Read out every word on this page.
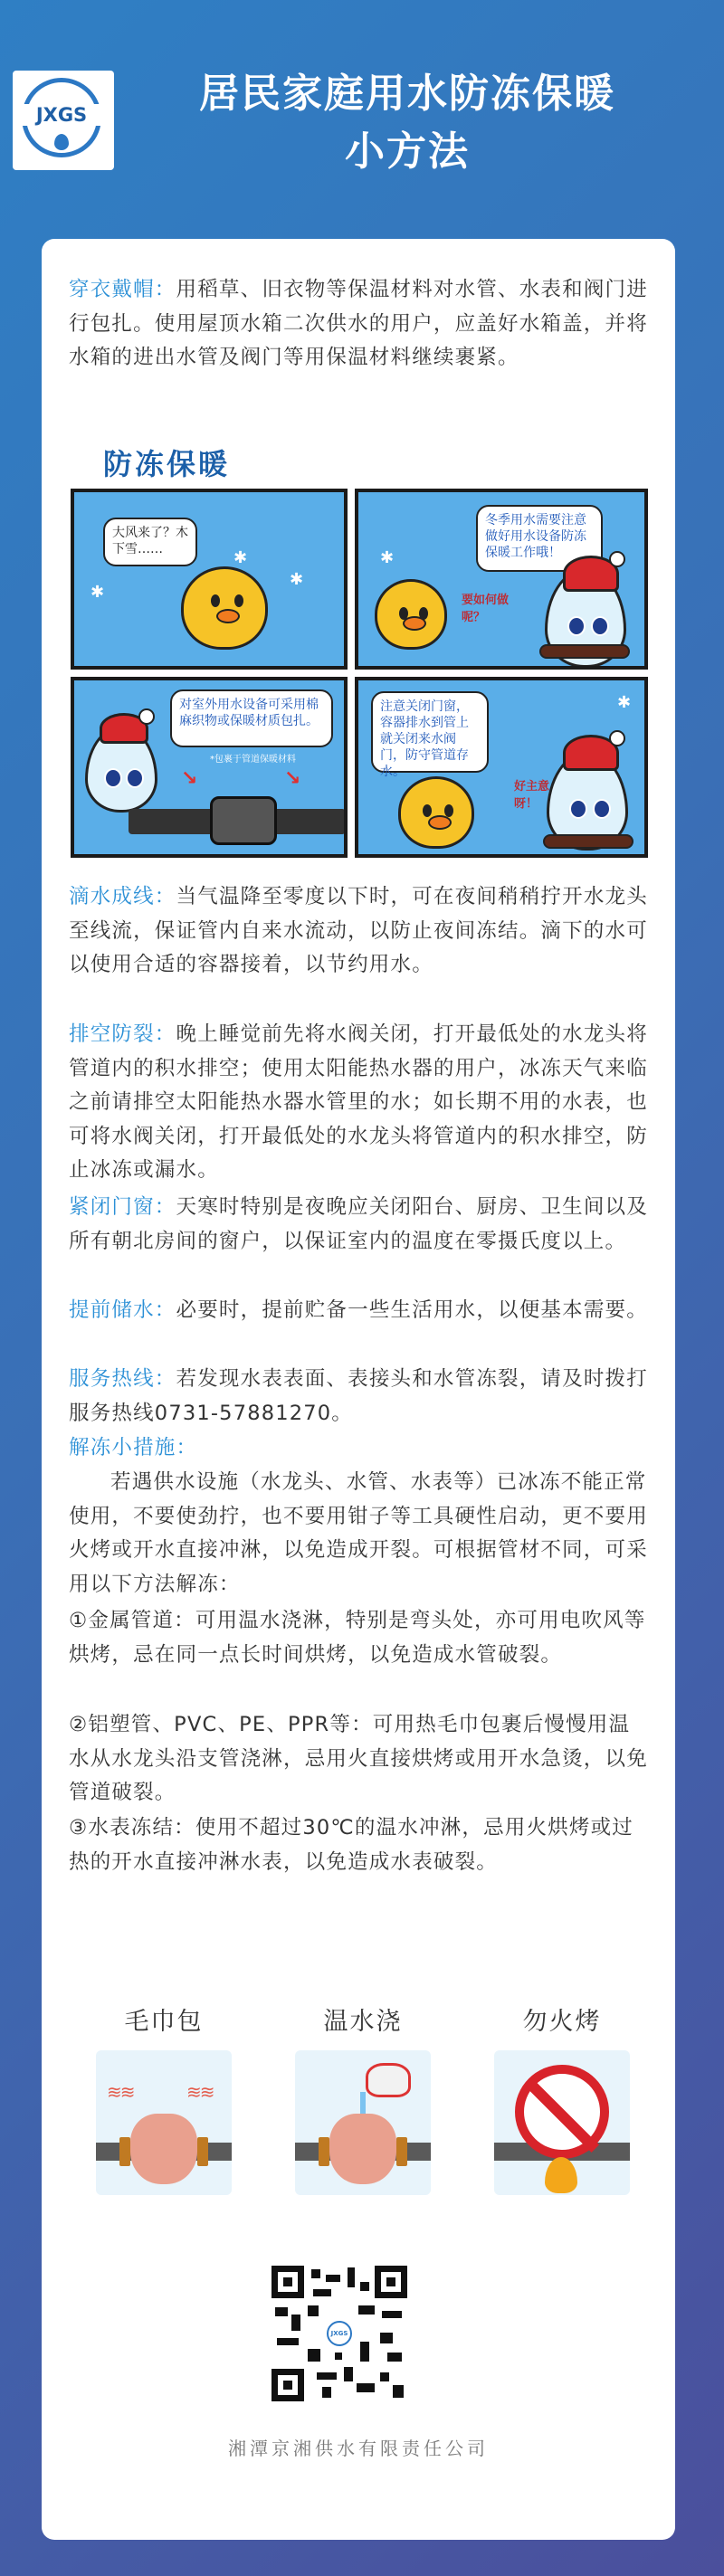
JXGS	居民家庭用水防冻保暖
小方法
穿衣戴帽：用稻草、旧衣物等保温材料对水管、水表和阀门进行包扎。使用屋顶水箱二次供水的用户，应盖好水箱盖，并将水箱的进出水管及阀门等用保温材料继续裹紧。
防冻保暖
大风来了？木下雪……
✱
✱
✱
冬季用水需要注意做好用水设备防冻保暖工作哦！
要如何做呢？
✱
对室外用水设备可采用棉麻织物或保暖材质包扎。
*包裹于管道保暖材料
↘	↘
注意关闭门窗，容器排水到管上就关闭来水阀门，防守管道存水。
好主意呀！
✱
滴水成线：当气温降至零度以下时，可在夜间稍稍拧开水龙头至线流，保证管内自来水流动，以防止夜间冻结。滴下的水可以使用合适的容器接着，以节约用水。
排空防裂：晚上睡觉前先将水阀关闭，打开最低处的水龙头将管道内的积水排空；使用太阳能热水器的用户，冰冻天气来临之前请排空太阳能热水器水管里的水；如长期不用的水表，也可将水阀关闭，打开最低处的水龙头将管道内的积水排空，防止冰冻或漏水。
紧闭门窗：天寒时特别是夜晚应关闭阳台、厨房、卫生间以及所有朝北房间的窗户，以保证室内的温度在零摄氏度以上。
提前储水：必要时，提前贮备一些生活用水，以便基本需要。
服务热线：若发现水表表面、表接头和水管冻裂，请及时拨打服务热线0731-57881270。
解冻小措施：
若遇供水设施（水龙头、水管、水表等）已冰冻不能正常使用，不要使劲拧，也不要用钳子等工具硬性启动，更不要用火烤或开水直接冲淋，以免造成开裂。可根据管材不同，可采用以下方法解冻：
①金属管道：可用温水浇淋，特别是弯头处，亦可用电吹风等烘烤，忌在同一点长时间烘烤，以免造成水管破裂。
②铝塑管、PVC、PE、PPR等：可用热毛巾包裹后慢慢用温水从水龙头沿支管浇淋，忌用火直接烘烤或用开水急烫，以免管道破裂。
③水表冻结：使用不超过30℃的温水冲淋，忌用火烘烤或过热的开水直接冲淋水表，以免造成水表破裂。
毛巾包
≋≋	≋≋
温水浇	勿火烤
JXGS
湘潭京湘供水有限责任公司
